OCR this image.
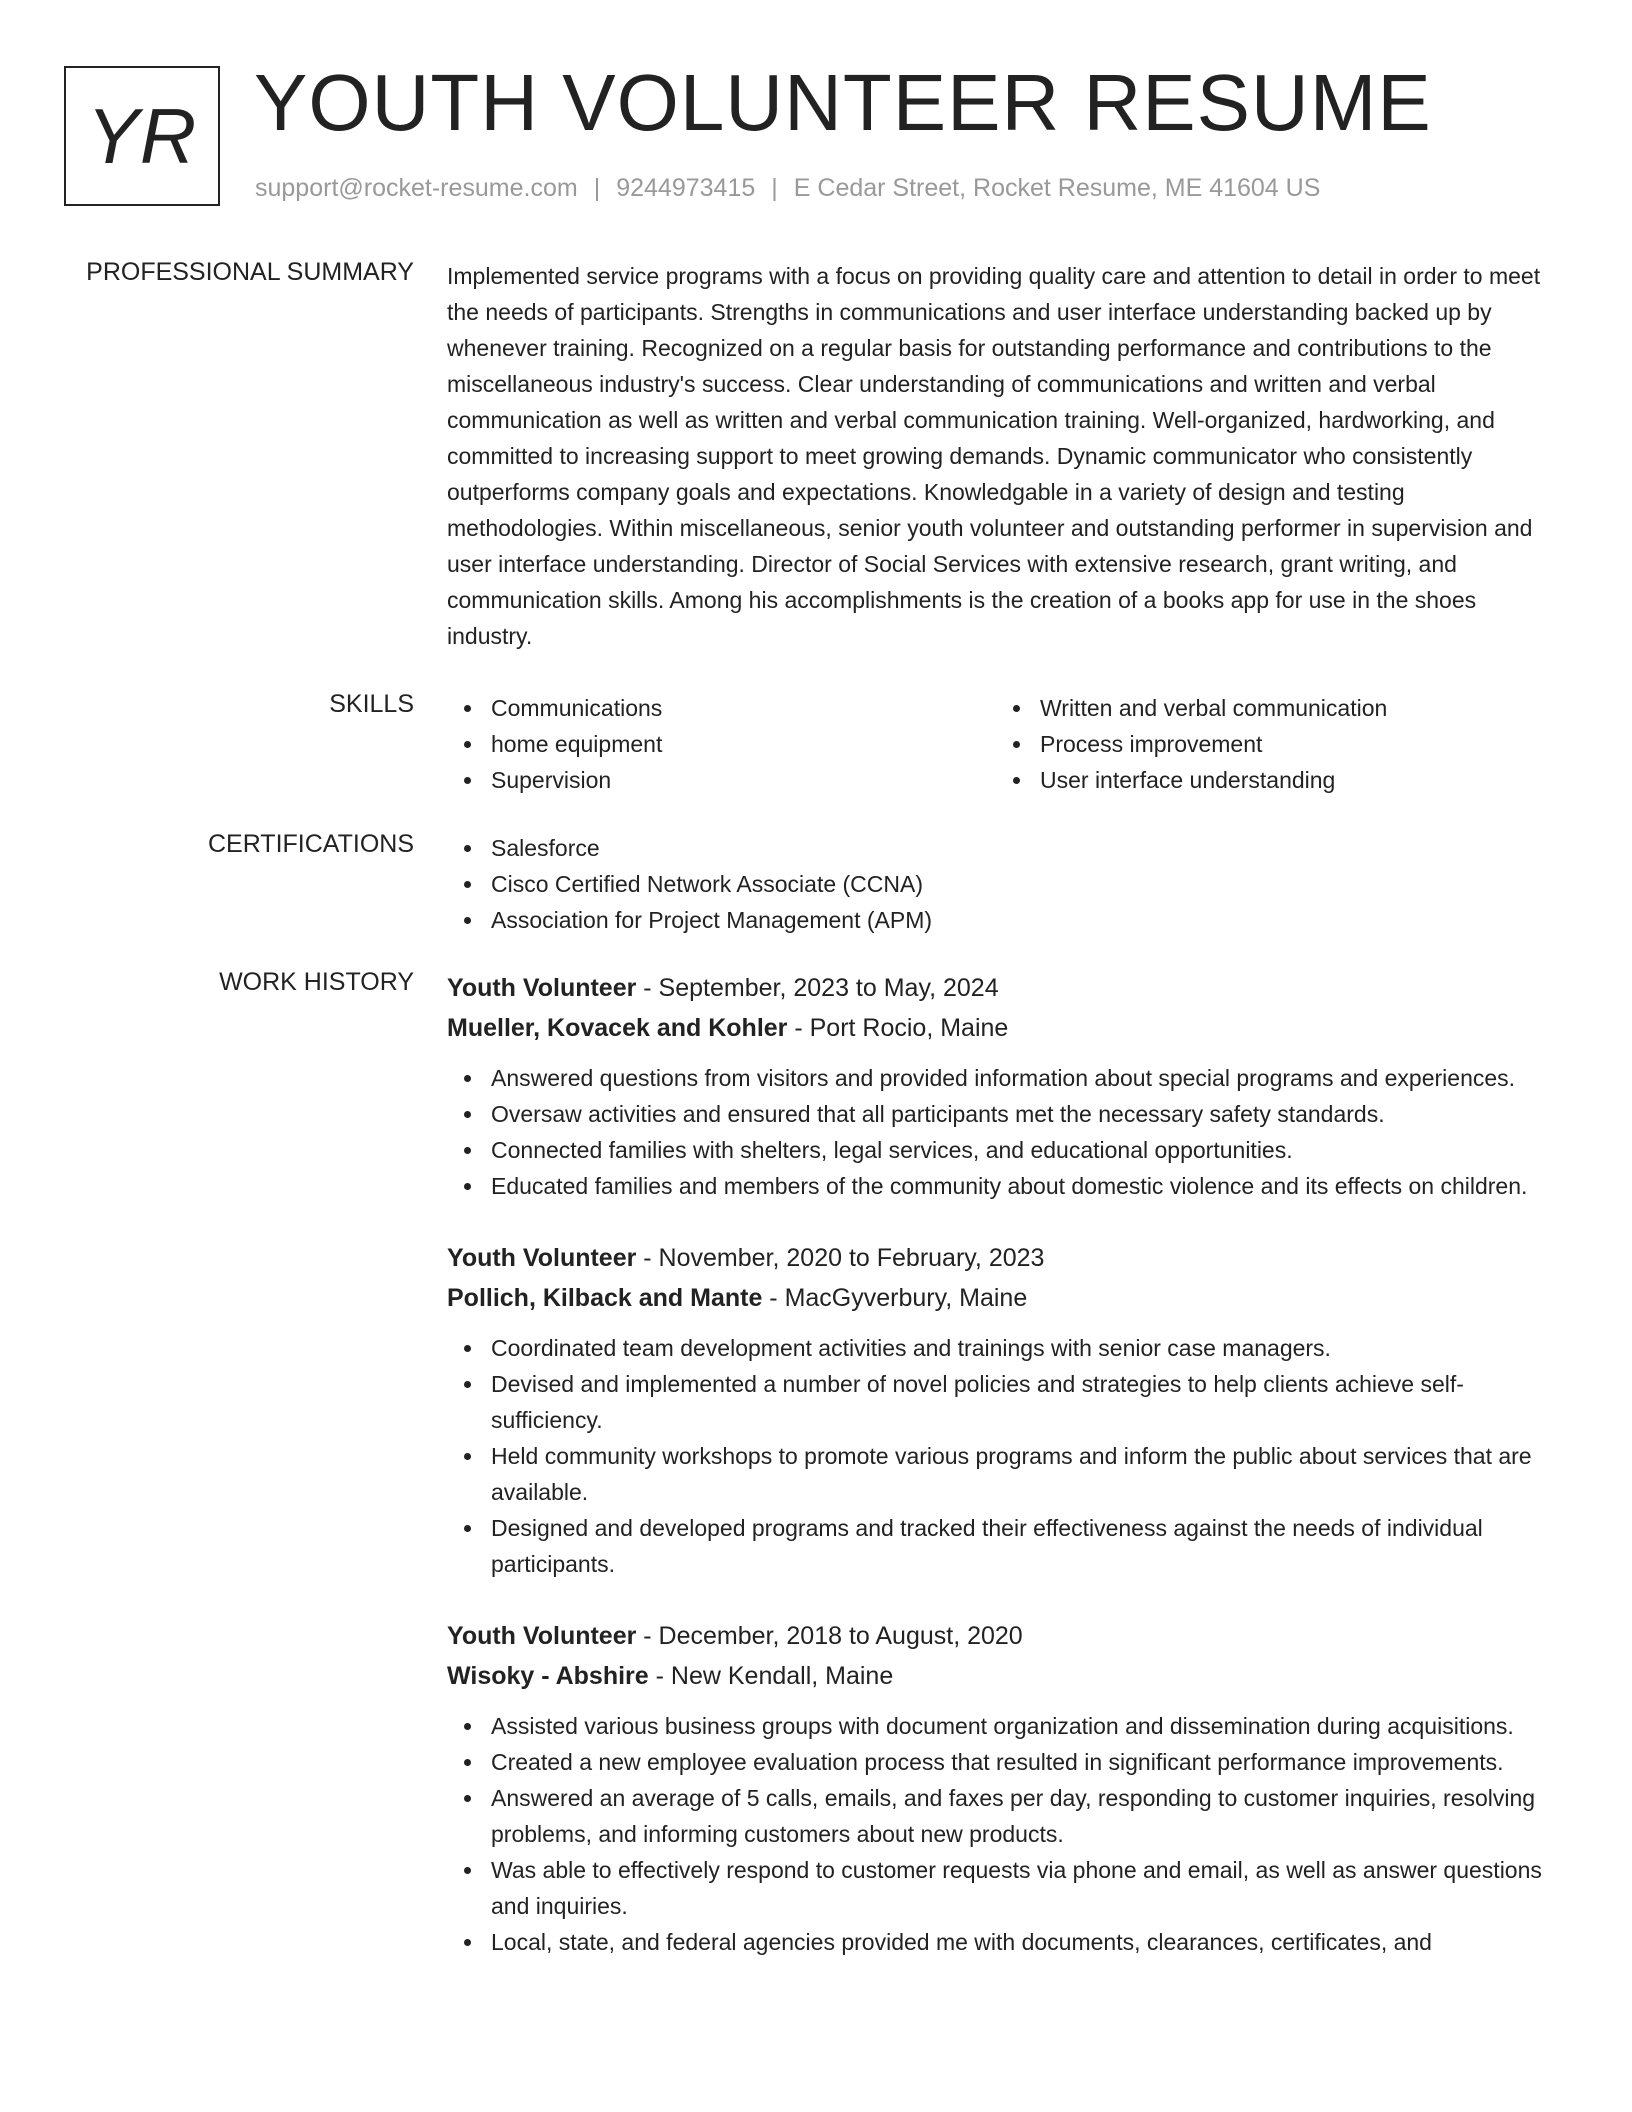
YR YOUTH VOLUNTEER RESUME
support@rocket-resume.com | 9244973415 | E Cedar Street, Rocket Resume, ME 41604 US
PROFESSIONAL SUMMARY Implemented service programs with a focus on providing quality care and attention to detail in order to meet the needs of participants. Strengths in communications and user interface understanding backed up by whenever training. Recognized on a regular basis for outstanding performance and contributions to the miscellaneous industry's success. Clear understanding of communications and written and verbal communication as well as written and verbal communication training. Well-organized, hardworking, and committed to increasing support to meet growing demands. Dynamic communicator who consistently outperforms company goals and expectations. Knowledgable in a variety of design and testing methodologies. Within miscellaneous, senior youth volunteer and outstanding performer in supervision and user interface understanding. Director of Social Services with extensive research, grant writing, and communication skills. Among his accomplishments is the creation of a books app for use in the shoes industry.

SKILLS	Communications
home equipment
Supervision
Written and verbal communication
Process improvement
User interface understanding
CERTIFICATIONS	Salesforce
Cisco Certified Network Associate (CCNA)
Association for Project Management (APM)
WORK HISTORY Youth Volunteer - September, 2023 to May, 2024
Mueller, Kovacek and Kohler - Port Rocio, Maine
Answered questions from visitors and provided information about special programs and experiences.
Oversaw activities and ensured that all participants met the necessary safety standards.
Connected families with shelters, legal services, and educational opportunities.
Educated families and members of the community about domestic violence and its effects on children.
Youth Volunteer - November, 2020 to February, 2023
Pollich, Kilback and Mante - MacGyverbury, Maine
Coordinated team development activities and trainings with senior case managers.
Devised and implemented a number of novel policies and strategies to help clients achieve self-sufficiency.
Held community workshops to promote various programs and inform the public about services that are available.
Designed and developed programs and tracked their effectiveness against the needs of individual participants.
Youth Volunteer - December, 2018 to August, 2020
Wisoky - Abshire - New Kendall, Maine
Assisted various business groups with document organization and dissemination during acquisitions.
Created a new employee evaluation process that resulted in significant performance improvements.
Answered an average of 5 calls, emails, and faxes per day, responding to customer inquiries, resolving problems, and informing customers about new products.
Was able to effectively respond to customer requests via phone and email, as well as answer questions and inquiries.
Local, state, and federal agencies provided me with documents, clearances, certificates, and
